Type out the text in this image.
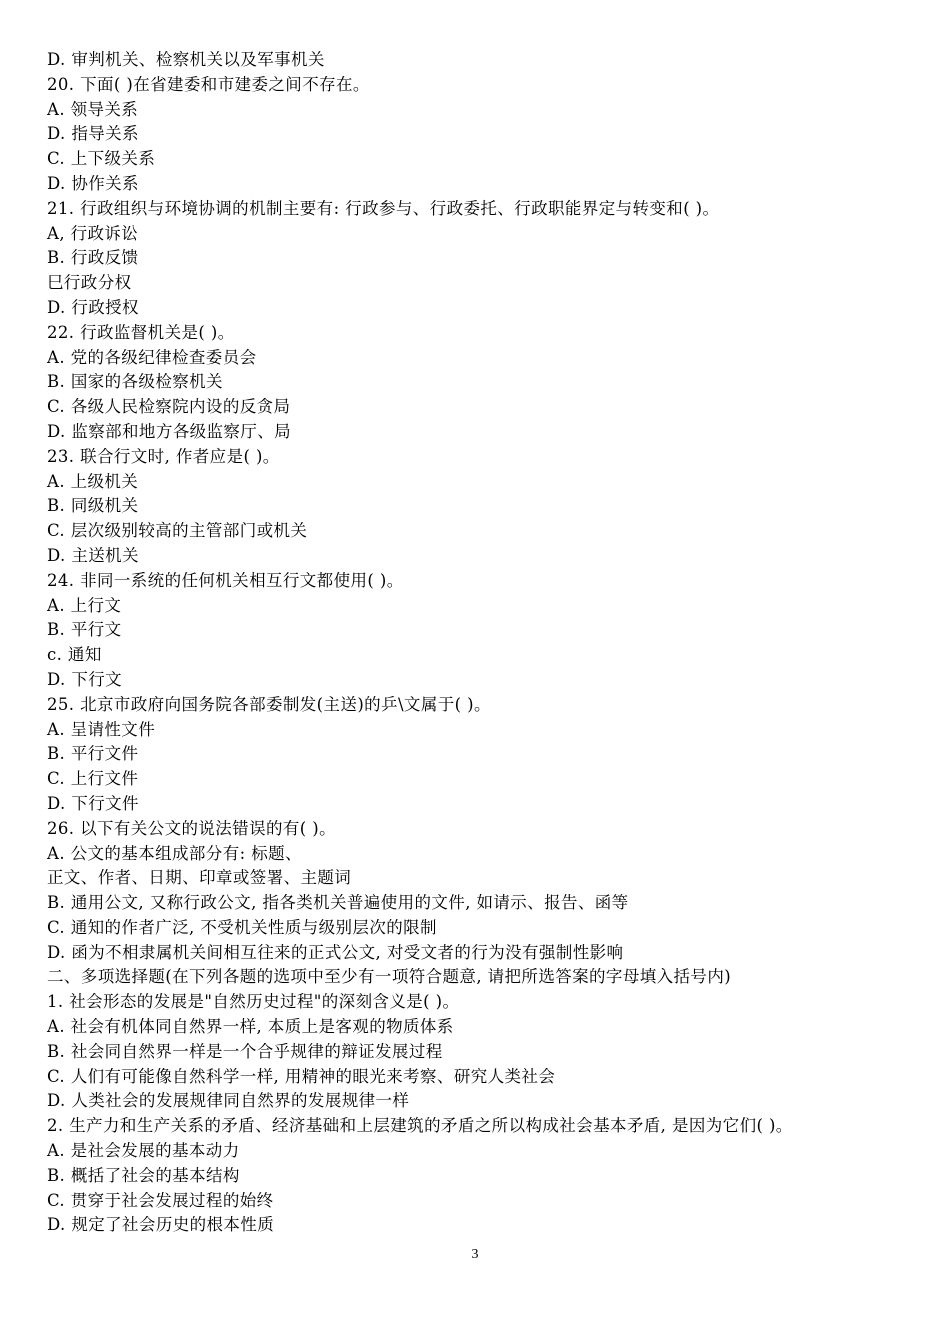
D. 审判机关、检察机关以及军事机关
20. 下面( )在省建委和市建委之间不存在。
A. 领导关系
D. 指导关系
C. 上下级关系
D. 协作关系
21. 行政组织与环境协调的机制主要有: 行政参与、行政委托、行政职能界定与转变和( )。
A, 行政诉讼
B. 行政反馈
巳行政分权
D. 行政授权
22. 行政监督机关是( )。
A. 党的各级纪律检查委员会
B. 国家的各级检察机关
C. 各级人民检察院内设的反贪局
D. 监察部和地方各级监察厅、局
23. 联合行文时, 作者应是( )。
A. 上级机关
B. 同级机关
C. 层次级别较高的主管部门或机关
D. 主送机关
24. 非同一系统的任何机关相互行文都使用( )。
A. 上行文
B. 平行文
c. 通知
D. 下行文
25. 北京市政府向国务院各部委制发(主送)的乒\文属于( )。
A. 呈请性文件
B. 平行文件
C. 上行文件
D. 下行文件
26. 以下有关公文的说法错误的有( )。
A. 公文的基本组成部分有: 标题、
正文、作者、日期、印章或签署、主题词
B. 通用公文, 又称行政公文, 指各类机关普遍使用的文件, 如请示、报告、函等
C. 通知的作者广泛, 不受机关性质与级别层次的限制
D. 函为不相隶属机关间相互往来的正式公文, 对受文者的行为没有强制性影响
二、多项选择题(在下列各题的选项中至少有一项符合题意, 请把所选答案的字母填入括号内)
1. 社会形态的发展是"自然历史过程"的深刻含义是( )。
A. 社会有机体同自然界一样, 本质上是客观的物质体系
B. 社会同自然界一样是一个合乎规律的辩证发展过程
C. 人们有可能像自然科学一样, 用精神的眼光来考察、研究人类社会
D. 人类社会的发展规律同自然界的发展规律一样
2. 生产力和生产关系的矛盾、经济基础和上层建筑的矛盾之所以构成社会基本矛盾, 是因为它们( )。
A. 是社会发展的基本动力
B. 概括了社会的基本结构
C. 贯穿于社会发展过程的始终
D. 规定了社会历史的根本性质
3
